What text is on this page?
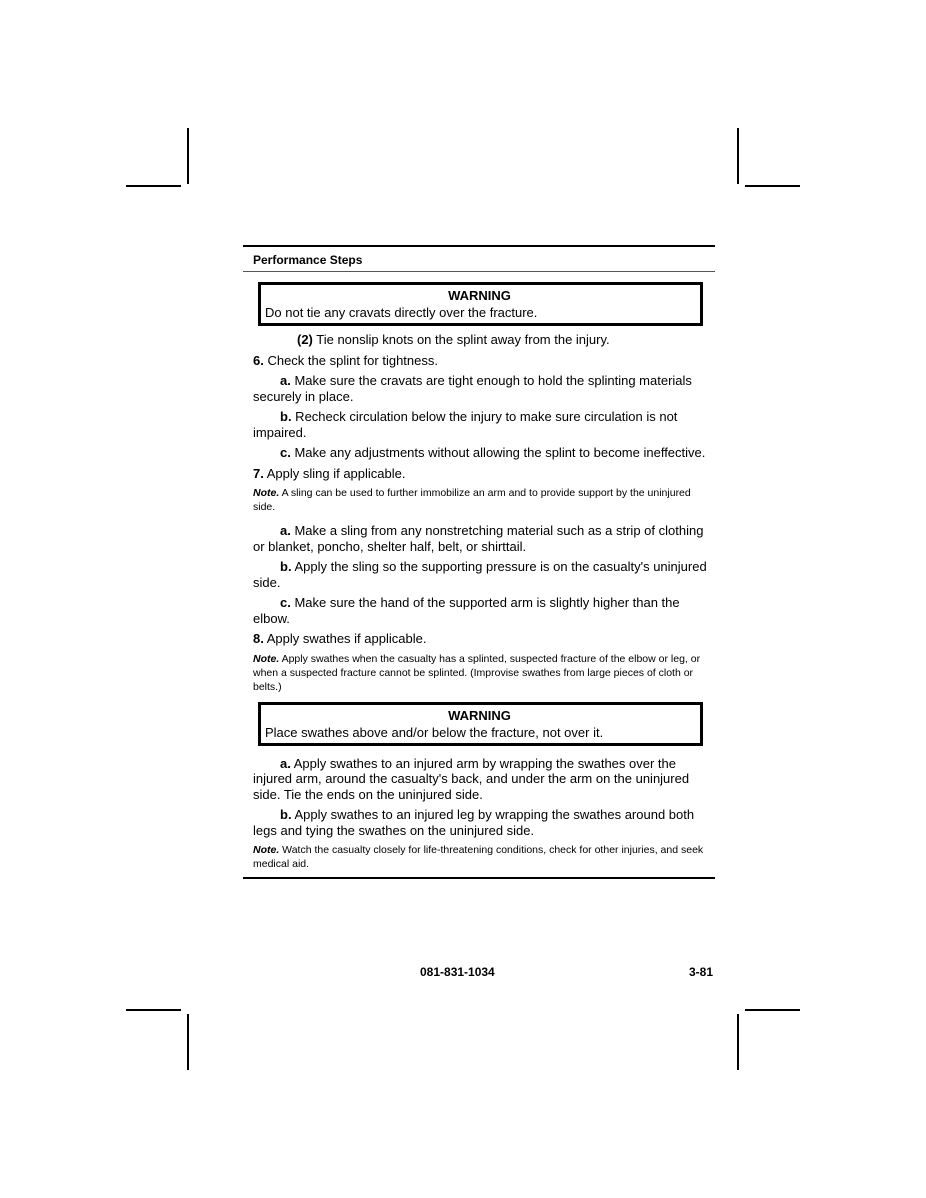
Performance Steps
WARNING
Do not tie any cravats directly over the fracture.

(2) Tie nonslip knots on the splint away from the injury.

6. Check the splint for tightness.

a. Make sure the cravats are tight enough to hold the splinting materials securely in place.

b. Recheck circulation below the injury to make sure circulation is not impaired.

c. Make any adjustments without allowing the splint to become ineffective.

7. Apply sling if applicable.

Note. A sling can be used to further immobilize an arm and to provide support by the uninjured side.

a. Make a sling from any nonstretching material such as a strip of clothing or blanket, poncho, shelter half, belt, or shirttail.

b. Apply the sling so the supporting pressure is on the casualty's uninjured side.

c. Make sure the hand of the supported arm is slightly higher than the elbow.

8. Apply swathes if applicable.

Note. Apply swathes when the casualty has a splinted, suspected fracture of the elbow or leg, or when a suspected fracture cannot be splinted. (Improvise swathes from large pieces of cloth or belts.)

WARNING
Place swathes above and/or below the fracture, not over it.

a. Apply swathes to an injured arm by wrapping the swathes over the injured arm, around the casualty's back, and under the arm on the uninjured side. Tie the ends on the uninjured side.

b. Apply swathes to an injured leg by wrapping the swathes around both legs and tying the swathes on the uninjured side.

Note. Watch the casualty closely for life-threatening conditions, check for other injuries, and seek medical aid.

081-831-1034	3-81
